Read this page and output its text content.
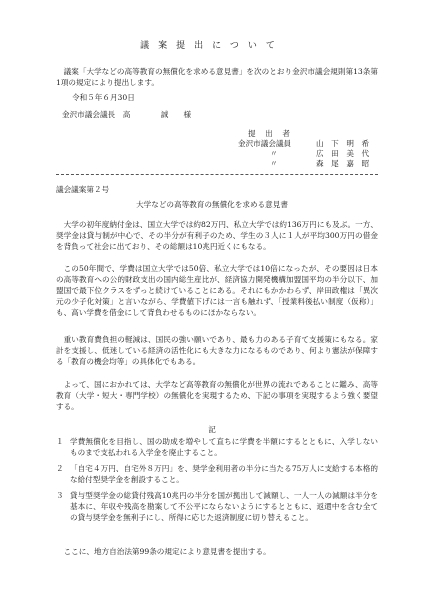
議案提出について
議案「大学などの高等教育の無償化を求める意見書」を次のとおり金沢市議会規則第13条第1項の規定により提出します。
令和５年６月30日
金沢市議会議長　高　　　　誠　　様
提　出　者
金沢市議会議員	山　下　明　希
〃	広　田　美　代
〃	森　尾　嘉　昭
議会議案第２号
大学などの高等教育の無償化を求める意見書
大学の初年度納付金は、国立大学では約82万円、私立大学では約136万円にも及ぶ。一方、奨学金は貸与制が中心で、その半分が有利子のため、学生の３人に１人が平均300万円の借金を背負って社会に出ており、その総額は10兆円近くにもなる。
この50年間で、学費は国立大学では50倍、私立大学では10倍になったが、その要因は日本の高等教育への公的財政支出の国内総生産比が、経済協力開発機構加盟国平均の半分以下、加盟国で最下位クラスをずっと続けていることにある。それにもかかわらず、岸田政権は「異次元の少子化対策」と言いながら、学費値下げには一言も触れず、「授業料後払い制度（仮称）」も、高い学費を借金にして背負わせるものにほかならない。
重い教育費負担の軽減は、国民の強い願いであり、最も力のある子育て支援策にもなる。家計を支援し、低迷している経済の活性化にも大きな力になるものであり、何より憲法が保障する「教育の機会均等」の具体化でもある。
よって、国におかれては、大学など高等教育の無償化が世界の流れであることに鑑み、高等教育（大学・短大・専門学校）の無償化を実現するため、下記の事項を実現するよう強く要望する。
記
１ 学費無償化を目指し、国の助成を増やして直ちに学費を半額にするとともに、入学しないものまで支払われる入学金を廃止すること。
２ 「自宅４万円、自宅外８万円」を、奨学金利用者の半分に当たる75万人に支給する本格的な給付型奨学金を創設すること。
３ 貸与型奨学金の総貸付残高10兆円の半分を国が拠出して減額し、一人一人の減額は半分を基本に、年収や残高を勘案して不公平にならないようにするとともに、返還中を含む全ての貸与奨学金を無利子にし、所得に応じた返済制度に切り替えること。
ここに、地方自治法第99条の規定により意見書を提出する。
